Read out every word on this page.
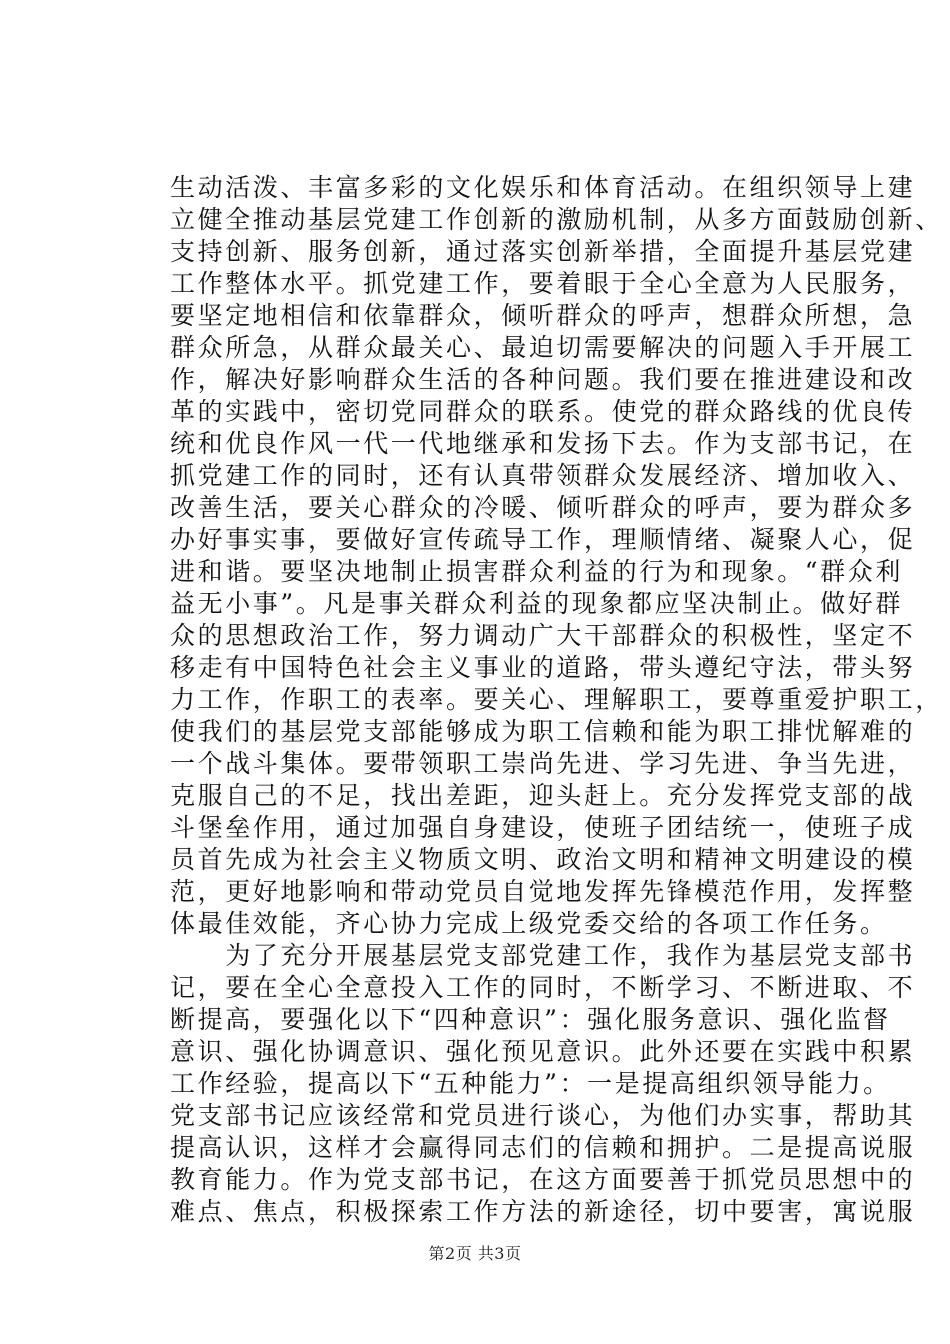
生动活泼、丰富多彩的文化娱乐和体育活动。在组织领导上建
立健全推动基层党建工作创新的激励机制，从多方面鼓励创新、
支持创新、服务创新，通过落实创新举措，全面提升基层党建
工作整体水平。抓党建工作，要着眼于全心全意为人民服务，
要坚定地相信和依靠群众，倾听群众的呼声，想群众所想，急
群众所急，从群众最关心、最迫切需要解决的问题入手开展工
作，解决好影响群众生活的各种问题。我们要在推进建设和改
革的实践中，密切党同群众的联系。使党的群众路线的优良传
统和优良作风一代一代地继承和发扬下去。作为支部书记，在
抓党建工作的同时，还有认真带领群众发展经济、增加收入、
改善生活，要关心群众的冷暖、倾听群众的呼声，要为群众多
办好事实事，要做好宣传疏导工作，理顺情绪、凝聚人心，促
进和谐。要坚决地制止损害群众利益的行为和现象。“群众利
益无小事”。凡是事关群众利益的现象都应坚决制止。做好群
众的思想政治工作，努力调动广大干部群众的积极性，坚定不
移走有中国特色社会主义事业的道路，带头遵纪守法，带头努
力工作，作职工的表率。要关心、理解职工，要尊重爱护职工，
使我们的基层党支部能够成为职工信赖和能为职工排忧解难的
一个战斗集体。要带领职工崇尚先进、学习先进、争当先进，
克服自己的不足，找出差距，迎头赶上。充分发挥党支部的战
斗堡垒作用，通过加强自身建设，使班子团结统一，使班子成
员首先成为社会主义物质文明、政治文明和精神文明建设的模
范，更好地影响和带动党员自觉地发挥先锋模范作用，发挥整
体最佳效能，齐心协力完成上级党委交给的各项工作任务。
　　为了充分开展基层党支部党建工作，我作为基层党支部书
记，要在全心全意投入工作的同时，不断学习、不断进取、不
断提高，要强化以下“四种意识”：强化服务意识、强化监督
意识、强化协调意识、强化预见意识。此外还要在实践中积累
工作经验，提高以下“五种能力”：一是提高组织领导能力。
党支部书记应该经常和党员进行谈心，为他们办实事，帮助其
提高认识，这样才会赢得同志们的信赖和拥护。二是提高说服
教育能力。作为党支部书记，在这方面要善于抓党员思想中的
难点、焦点，积极探索工作方法的新途径，切中要害，寓说服
第2页 共3页
